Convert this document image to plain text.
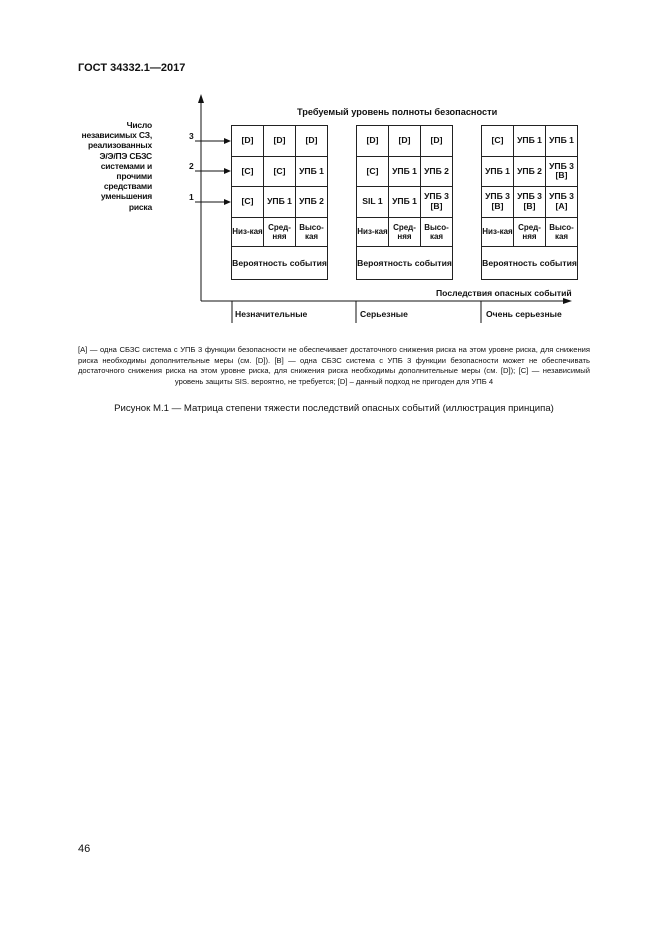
ГОСТ 34332.1—2017
Число независимых СЗ, реализованных Э/Э/ПЭ СБЗС системами и прочими средствами уменьшения риска
3
2
1
Требуемый уровень полноты безопасности
Последствия опасных событий
[D]	[D]	[D]
[C]	[C]	УПБ 1
[C]	УПБ 1	УПБ 2
Низ-кая	Сред-няя	Высо-кая
Вероятность события		
[D]	[D]	[D]
[C]	УПБ 1	УПБ 2
SIL 1	УПБ 1	УПБ 3 [B]
Низ-кая	Сред-няя	Высо-кая
Вероятность события		
[C]	УПБ 1	УПБ 1
УПБ 1	УПБ 2	УПБ 3 [B]
УПБ 3 [B]	УПБ 3 [B]	УПБ 3 [A]
Низ-кая	Сред-няя	Высо-кая
Вероятность события		
Незначительные	Серьезные	Очень серьезные
[A] — одна СБЗС система с УПБ 3 функции безопасности не обеспечивает достаточного снижения риска на этом уровне риска, для снижения риска необходимы дополнительные меры (см. [D]). [B] — одна СБЗС система с УПБ 3 функции безопасности может не обеспечивать достаточного снижения риска на этом уровне риска, для снижения риска необходимы дополнительные меры (см. [D]); [C] — независимый уровень защиты SIS. вероятно, не требуется; [D] – данный подход не пригоден для УПБ 4
Рисунок М.1 — Матрица степени тяжести последствий опасных событий (иллюстрация принципа)
46
